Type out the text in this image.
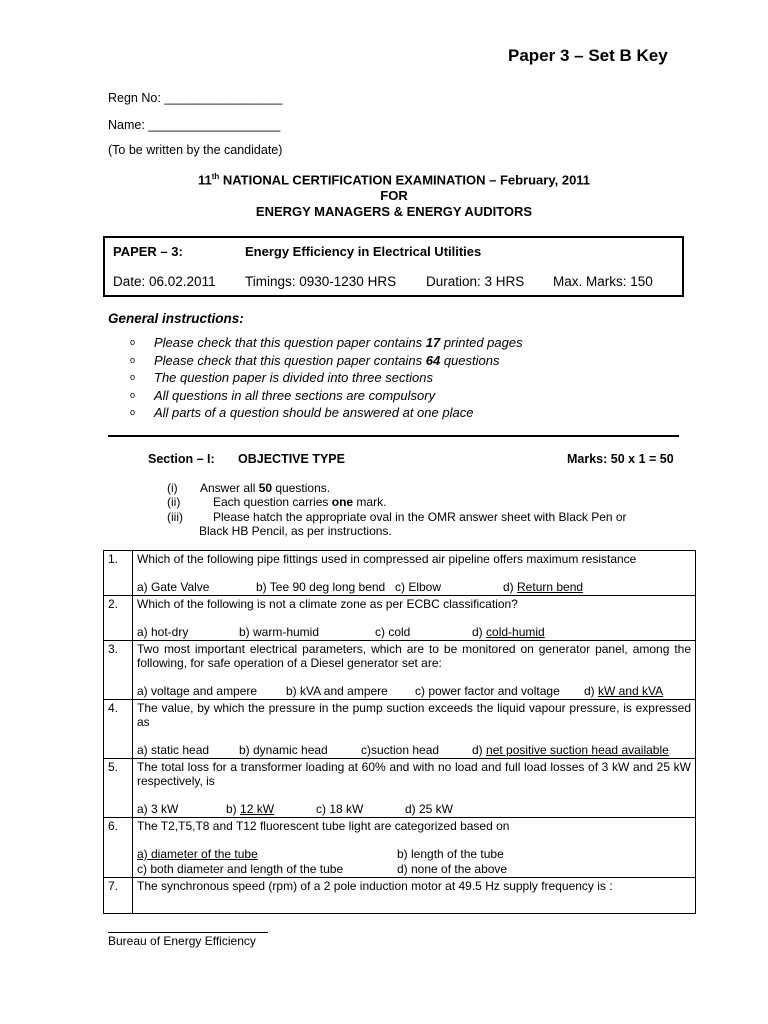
Paper 3 – Set B Key
Regn No: _________________
Name: ___________________
(To be written by the candidate)
11th NATIONAL CERTIFICATION EXAMINATION – February, 2011
FOR
ENERGY MANAGERS & ENERGY AUDITORS
PAPER – 3:	Energy Efficiency in Electrical Utilities
Date: 06.02.2011 Timings: 0930-1230 HRS Duration: 3 HRS Max. Marks: 150
General instructions:
o Please check that this question paper contains 17 printed pages
o Please check that this question paper contains 64 questions
o The question paper is divided into three sections
o All questions in all three sections are compulsory
o All parts of a question should be answered at one place
Section – I: OBJECTIVE TYPE	Marks: 50 x 1 = 50
(i) Answer all 50 questions.
(ii)	Each question carries one mark.
(iii)	Please hatch the appropriate oval in the OMR answer sheet with Black Pen or
Black HB Pencil, as per instructions.
1.	Which of the following pipe fittings used in compressed air pipeline offers maximum resistance
a) Gate Valve b) Tee 90 deg long bend c) Elbow d) Return bend

2.	Which of the following is not a climate zone as per ECBC classification?
a) hot-dry b) warm-humid c) cold d) cold-humid

3.	Two most important electrical parameters, which are to be monitored on generator panel, among the following, for safe operation of a Diesel generator set are:
a) voltage and ampere b) kVA and ampere c) power factor and voltage d) kW and kVA

4.	The value, by which the pressure in the pump suction exceeds the liquid vapour pressure, is expressed as
a) static head b) dynamic head c)suction head d) net positive suction head available

5.	The total loss for a transformer loading at 60% and with no load and full load losses of 3 kW and 25 kW respectively, is
a) 3 kW b) 12 kW c) 18 kW d) 25 kW

6.	The T2,T5,T8 and T12 fluorescent tube light are categorized based on
a) diameter of the tube b) length of the tube
c) both diameter and length of the tube d) none of the above

7.	The synchronous speed (rpm) of a 2 pole induction motor at 49.5 Hz supply frequency is :
Bureau of Energy Efficiency
